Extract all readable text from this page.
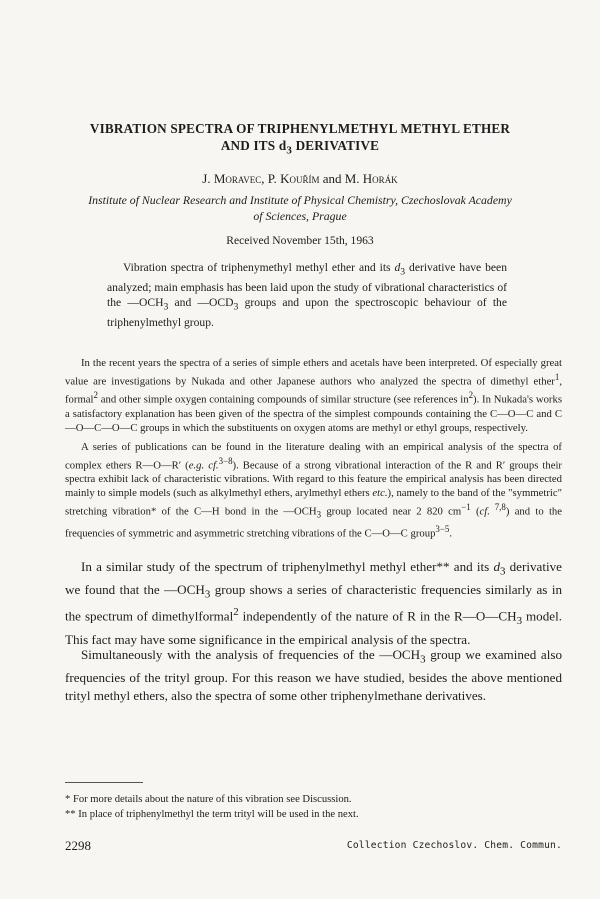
VIBRATION SPECTRA OF TRIPHENYLMETHYL METHYL ETHER
AND ITS $d_3$ DERIVATIVE
J. Moravec, P. Kouřím and M. Horák
Institute of Nuclear Research and Institute of Physical Chemistry, Czechoslovak Academy
of Sciences, Prague
Received November 15th, 1963

Vibration spectra of triphenymethyl methyl ether and its $d_3$ derivative have been analyzed; main emphasis has been laid upon the study of vibrational characteristics of the $—OCH_3$ and $—OCD_3$ groups and upon the spectroscopic behaviour of the triphenylmethyl group.

In the recent years the spectra of a series of simple ethers and acetals have been interpreted. Of especially great value are investigations by Nukada and other Japanese authors who analyzed the spectra of dimethyl ether$^1$, formal$^2$ and other simple oxygen containing compounds of similar structure (see references $in^2$). In Nukada's works a satisfactory explanation has been given of the spectra of the simplest compounds containing the C—O—C and C—O—C—O—C groups in which the substituents on oxygen atoms are methyl or ethyl groups, respectively.

A series of publications can be found in the literature dealing with an empirical analysis of the spectra of complex ethers R—O—R′ (e.g. cf.$^{3-8}$). Because of a strong vibrational interaction of the R and R′ groups their spectra exhibit lack of characteristic vibrations. With regard to this feature the empirical analysis has been directed mainly to simple models (such as alkylmethyl ethers, arylmethyl ethers etc.), namely to the band of the "symmetric" stretching vibration* of the C—H bond in the $—OCH_3$ group located near 2 820 $cm^{-1}$ (cf. $^{7,8}$) and to the frequencies of symmetric and asymmetric stretching vibrations of the C—O—C group$^{3-5}$.

In a similar study of the spectrum of triphenylmethyl methyl ether** and its $d_3$ derivative we found that the $—OCH_3$ group shows a series of characteristic frequencies similarly as in the spectrum of dimethylformal$^2$ independently of the nature of R in the $R—O—CH_3$ model. This fact may have some significance in the empirical analysis of the spectra.

Simultaneously with the analysis of frequencies of the $—OCH_3$ group we examined also frequencies of the trityl group. For this reason we have studied, besides the above mentioned trityl methyl ethers, also the spectra of some other triphenylmethane derivatives.

* For more details about the nature of this vibration see Discussion.

** In place of triphenylmethyl the term trityl will be used in the next.

2298	Collection Czechoslov. Chem. Commun.
